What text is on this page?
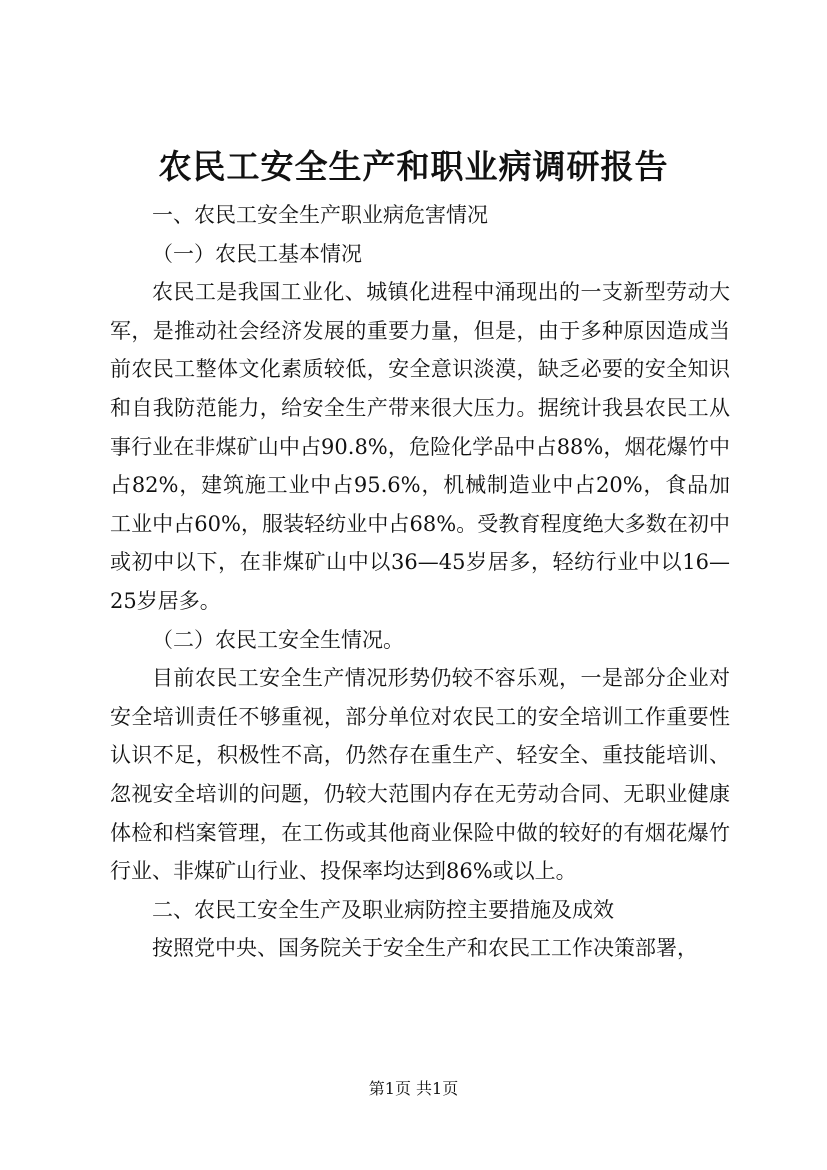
农民工安全生产和职业病调研报告

一、农民工安全生产职业病危害情况

（一）农民工基本情况

农民工是我国工业化、城镇化进程中涌现出的一支新型劳动大军，是推动社会经济发展的重要力量，但是，由于多种原因造成当前农民工整体文化素质较低，安全意识淡漠，缺乏必要的安全知识和自我防范能力，给安全生产带来很大压力。据统计我县农民工从事行业在非煤矿山中占90.8%，危险化学品中占88%，烟花爆竹中占82%，建筑施工业中占95.6%，机械制造业中占20%，食品加工业中占60%，服装轻纺业中占68%。受教育程度绝大多数在初中或初中以下，在非煤矿山中以36—45岁居多，轻纺行业中以16—25岁居多。

（二）农民工安全生情况。

目前农民工安全生产情况形势仍较不容乐观，一是部分企业对安全培训责任不够重视，部分单位对农民工的安全培训工作重要性认识不足，积极性不高，仍然存在重生产、轻安全、重技能培训、忽视安全培训的问题，仍较大范围内存在无劳动合同、无职业健康体检和档案管理，在工伤或其他商业保险中做的较好的有烟花爆竹行业、非煤矿山行业、投保率均达到86%或以上。

二、农民工安全生产及职业病防控主要措施及成效

按照党中央、国务院关于安全生产和农民工工作决策部署，

第1页 共1页
